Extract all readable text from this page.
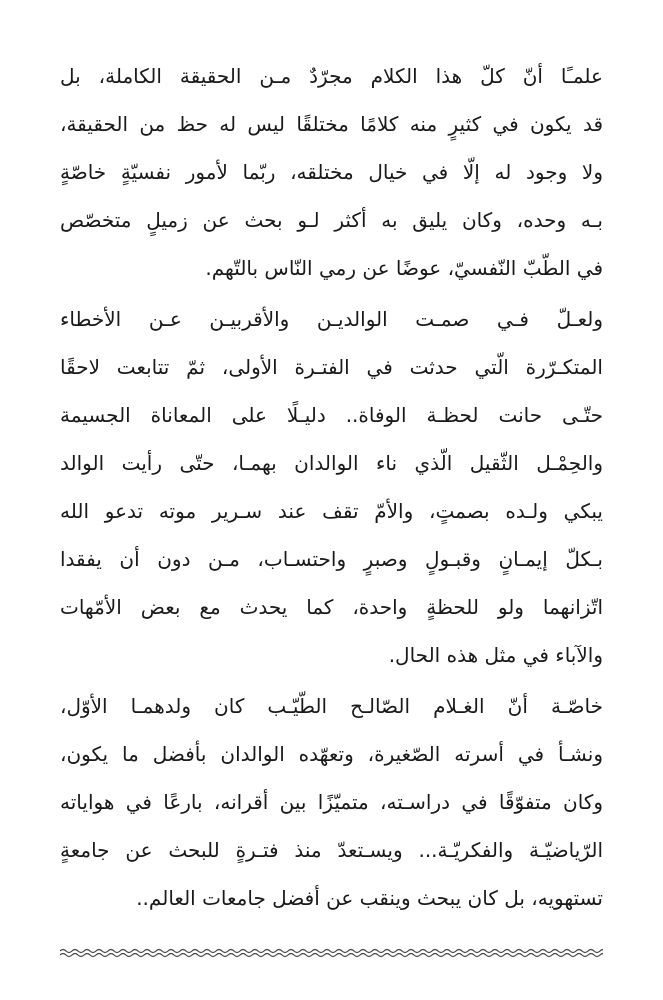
علمـًا أنّ كلّ هذا الكلام مجرّدٌ مـن الحقيقة الكاملة، بل
قد يكون في كثيرٍ منه كلامًا مختلقًا ليس له حظ من الحقيقة،
ولا وجود له إلّا في خيال مختلقه، ربّما لأمور نفسيّةٍ خاصّةٍ
بـه وحده، وكان يليق به أكثر لـو بحث عن زميلٍ متخصّص
في الطّبّ النّفسيّ، عوضًا عن رمي النّاس بالتّهم.

ولعـلّ فـي صمـت الوالديـن والأقربيـن عـن الأخطاء
المتكـرّرة الّتي حدثت في الفتـرة الأولى، ثمّ تتابعت لاحقًا
حتّـى حانت لحظـة الوفاة.. دليـلًا على المعاناة الجسيمة
والحِمْـل الثّقيل الّذي ناء الوالدان بهمـا، حتّى رأيت الوالد
يبكي ولـده بصمتٍ، والأمّ تقف عند سـرير موته تدعو الله
بـكلّ إيمـانٍ وقبـولٍ وصبرٍ واحتسـاب، مـن دون أن يفقدا
اتّزانهما ولو للحظةٍ واحدة، كما يحدث مع بعض الأمّهات
والآباء في مثل هذه الحال.

خاصّـة أنّ الغـلام الصّالـح الطّيّـب كان ولدهمـا الأوّل،
ونشـأ في أسرته الصّغيرة، وتعهّده الوالدان بأفضل ما يكون،
وكان متفوّقًا في دراسـته، متميّزًا بين أقرانه، بارعًا في هواياته
الرّياضيّـة والفكريّـة... ويسـتعدّ منذ فتـرةٍ للبحث عن جامعةٍ
تستهويه، بل كان يبحث وينقب عن أفضل جامعات العالم..
